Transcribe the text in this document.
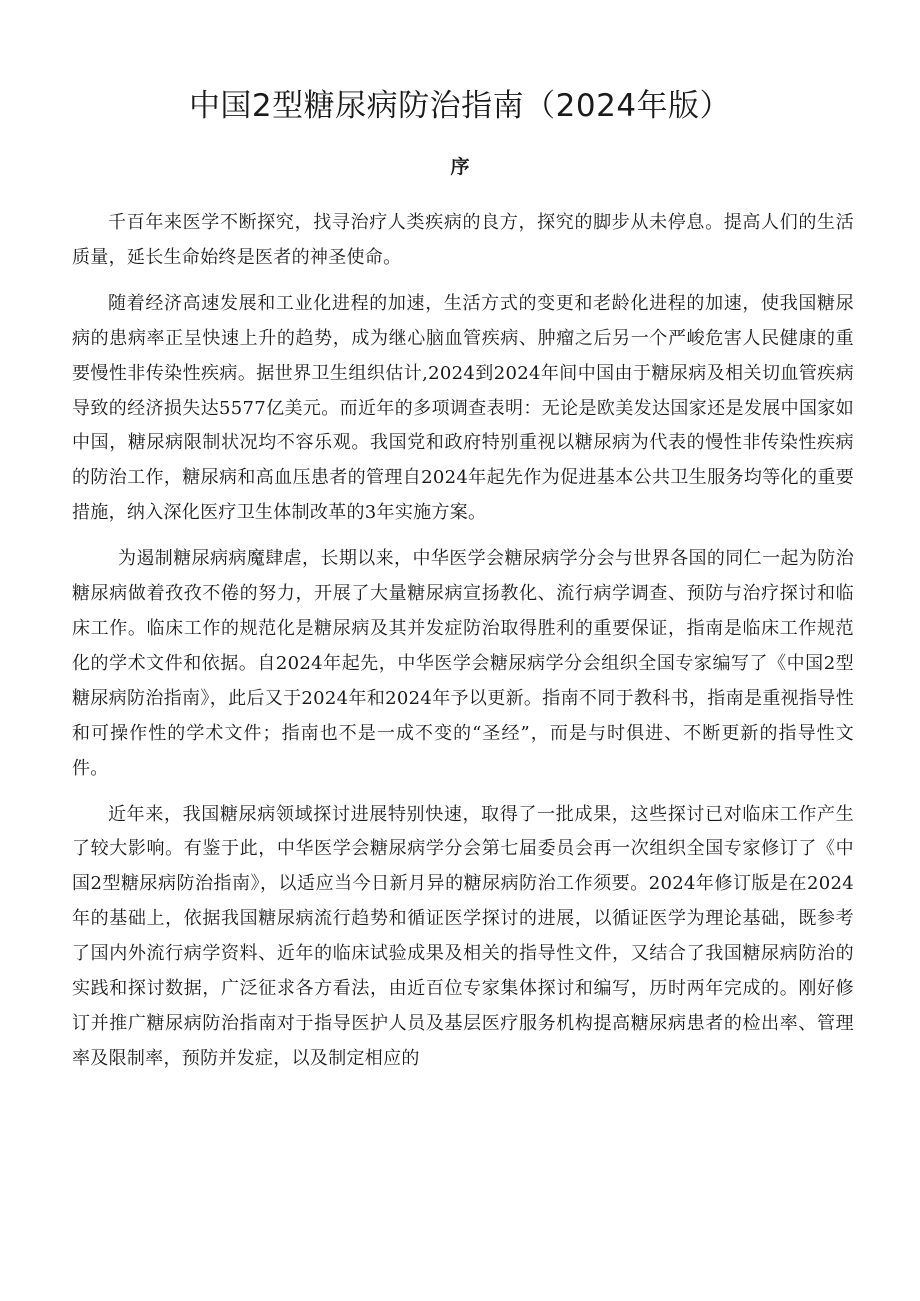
中国2型糖尿病防治指南（2024年版）
序

千百年来医学不断探究，找寻治疗人类疾病的良方，探究的脚步从未停息。提高人们的生活质量，延长生命始终是医者的神圣使命。

随着经济高速发展和工业化进程的加速，生活方式的变更和老龄化进程的加速，使我国糖尿病的患病率正呈快速上升的趋势，成为继心脑血管疾病、肿瘤之后另一个严峻危害人民健康的重要慢性非传染性疾病。据世界卫生组织估计,2024到2024年间中国由于糖尿病及相关切血管疾病导致的经济损失达5577亿美元。而近年的多项调查表明：无论是欧美发达国家还是发展中国家如中国，糖尿病限制状况均不容乐观。我国党和政府特别重视以糖尿病为代表的慢性非传染性疾病的防治工作，糖尿病和高血压患者的管理自2024年起先作为促进基本公共卫生服务均等化的重要措施，纳入深化医疗卫生体制改革的3年实施方案。

为遏制糖尿病病魔肆虐，长期以来，中华医学会糖尿病学分会与世界各国的同仁一起为防治糖尿病做着孜孜不倦的努力，开展了大量糖尿病宣扬教化、流行病学调查、预防与治疗探讨和临床工作。临床工作的规范化是糖尿病及其并发症防治取得胜利的重要保证，指南是临床工作规范化的学术文件和依据。自2024年起先，中华医学会糖尿病学分会组织全国专家编写了《中国2型糖尿病防治指南》，此后又于2024年和2024年予以更新。指南不同于教科书，指南是重视指导性和可操作性的学术文件；指南也不是一成不变的“圣经”，而是与时俱进、不断更新的指导性文件。

近年来，我国糖尿病领域探讨进展特别快速，取得了一批成果，这些探讨已对临床工作产生了较大影响。有鉴于此，中华医学会糖尿病学分会第七届委员会再一次组织全国专家修订了《中国2型糖尿病防治指南》，以适应当今日新月异的糖尿病防治工作须要。2024年修订版是在2024年的基础上，依据我国糖尿病流行趋势和循证医学探讨的进展，以循证医学为理论基础，既参考了国内外流行病学资料、近年的临床试验成果及相关的指导性文件，又结合了我国糖尿病防治的实践和探讨数据，广泛征求各方看法，由近百位专家集体探讨和编写，历时两年完成的。刚好修订并推广糖尿病防治指南对于指导医护人员及基层医疗服务机构提高糖尿病患者的检出率、管理率及限制率，预防并发症，以及制定相应的
